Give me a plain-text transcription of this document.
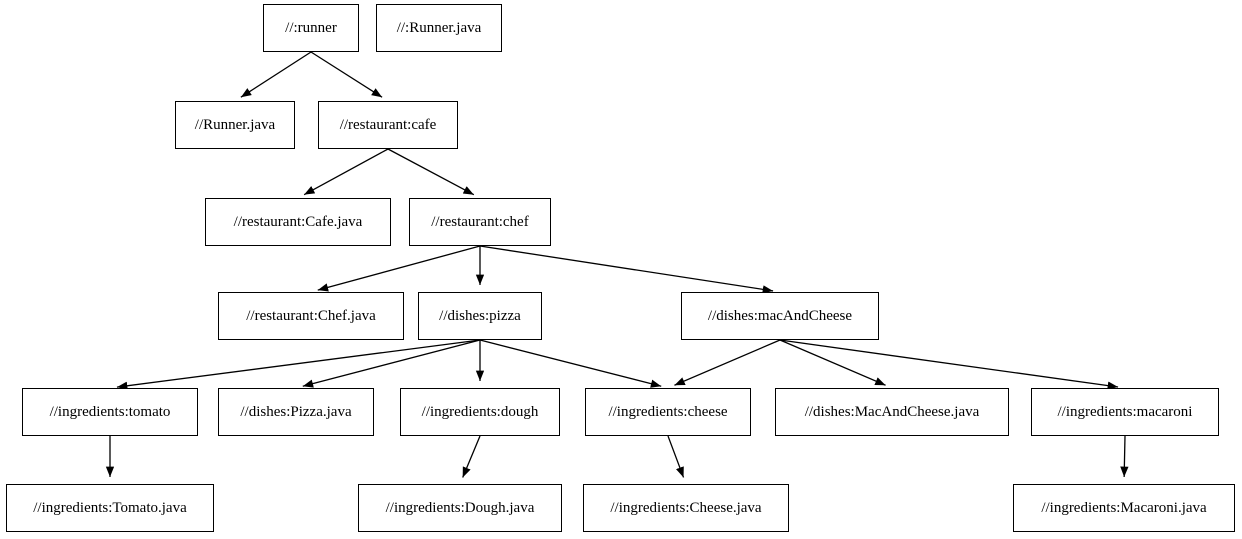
//:runner	//:Runner.java
//Runner.java	//restaurant:cafe
//restaurant:Cafe.java	//restaurant:chef
//restaurant:Chef.java	//dishes:pizza	//dishes:macAndCheese
//ingredients:tomato	//dishes:Pizza.java	//ingredients:dough	//ingredients:cheese	//dishes:MacAndCheese.java	//ingredients:macaroni
//ingredients:Tomato.java	//ingredients:Dough.java	//ingredients:Cheese.java	//ingredients:Macaroni.java
